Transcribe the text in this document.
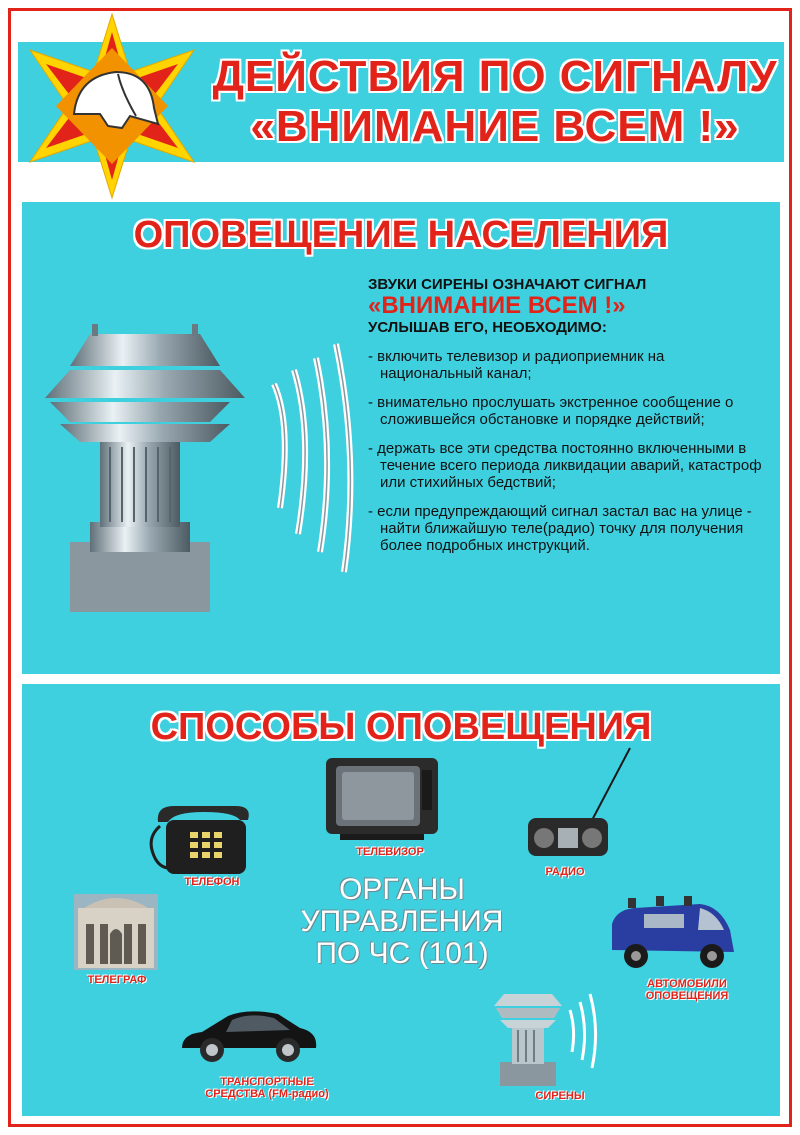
ДЕЙСТВИЯ ПО СИГНАЛУ
«ВНИМАНИЕ ВСЕМ !»
ОПОВЕЩЕНИЕ НАСЕЛЕНИЯ
ЗВУКИ СИРЕНЫ ОЗНАЧАЮТ СИГНАЛ
«ВНИМАНИЕ ВСЕМ !»
УСЛЫШАВ ЕГО, НЕОБХОДИМО:
- включить телевизор и радиоприемник на национальный канал;
- внимательно прослушать экстренное сообщение о сложившейся обстановке и порядке действий;
- держать все эти средства постоянно включенными в течение всего периода ликвидации аварий, катастроф или стихийных бедствий;
- если предупреждающий сигнал застал вас на улице - найти ближайшую теле(радио) точку для получения более подробных инструкций.
СПОСОБЫ ОПОВЕЩЕНИЯ
ОРГАНЫ
УПРАВЛЕНИЯ
ПО ЧС (101)
ТЕЛЕФОН
ТЕЛЕВИЗОР
РАДИО
ТЕЛЕГРАФ	АВТОМОБИЛИ
ОПОВЕЩЕНИЯ
ТРАНСПОРТНЫЕ
СРЕДСТВА (FM-радио)	СИРЕНЫ
